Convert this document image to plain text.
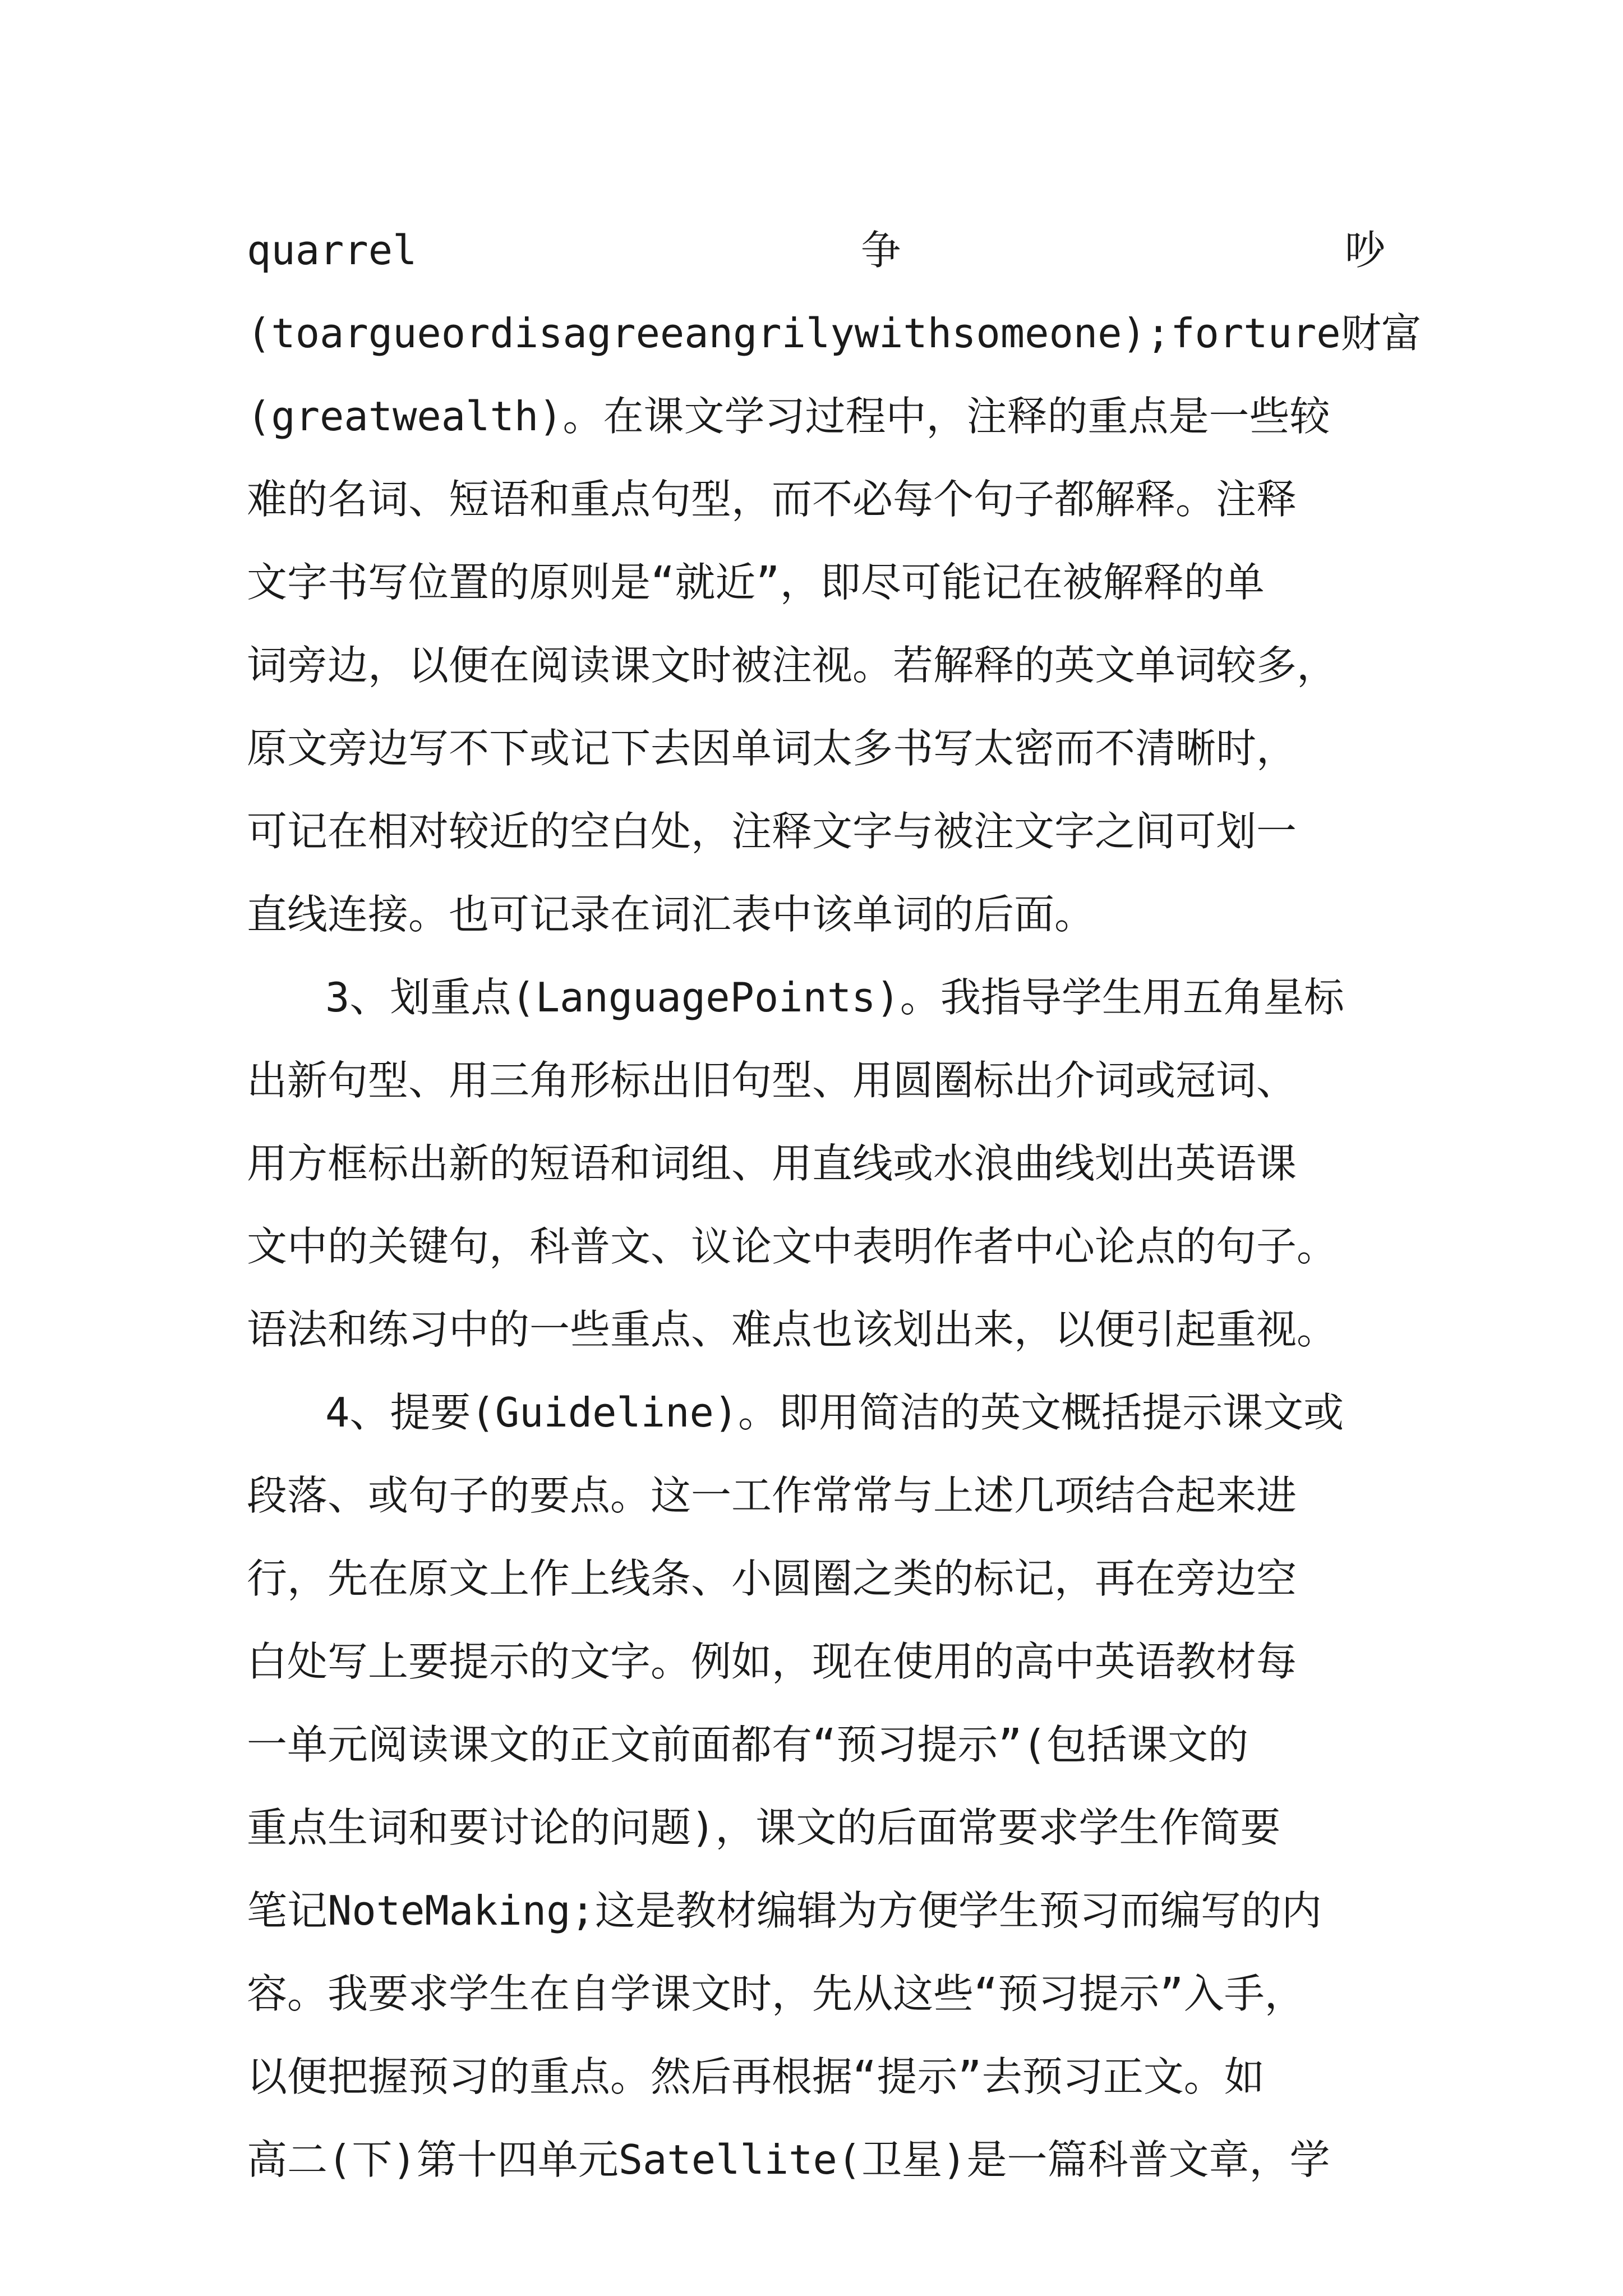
quarrel	争	吵
(toargueordisagreeangrilywithsomeone);forture 财富
(greatwealth)。在课文学习过程中，注释的重点是一些较
难的名词、短语和重点句型，而不必每个句子都解释。注释
文字书写位置的原则是“就近”，即尽可能记在被解释的单
词旁边，以便在阅读课文时被注视。若解释的英文单词较多，
原文旁边写不下或记下去因单词太多书写太密而不清晰时，
可记在相对较近的空白处，注释文字与被注文字之间可划一
直线连接。也可记录在词汇表中该单词的后面。
3、划重点(LanguagePoints)。我指导学生用五角星标
出新句型、用三角形标出旧句型、用圆圈标出介词或冠词、
用方框标出新的短语和词组、用直线或水浪曲线划出英语课
文中的关键句，科普文、议论文中表明作者中心论点的句子。
语法和练习中的一些重点、难点也该划出来，以便引起重视。
4、提要(Guideline)。即用简洁的英文概括提示课文或
段落、或句子的要点。这一工作常常与上述几项结合起来进
行，先在原文上作上线条、小圆圈之类的标记，再在旁边空
白处写上要提示的文字。例如，现在使用的高中英语教材每
一单元阅读课文的正文前面都有“预习提示”(包括课文的
重点生词和要讨论的问题)，课文的后面常要求学生作简要
笔记NoteMaking;这是教材编辑为方便学生预习而编写的内
容。我要求学生在自学课文时，先从这些“预习提示”入手，
以便把握预习的重点。然后再根据“提示”去预习正文。如
高二(下)第十四单元Satellite(卫星)是一篇科普文章，学
